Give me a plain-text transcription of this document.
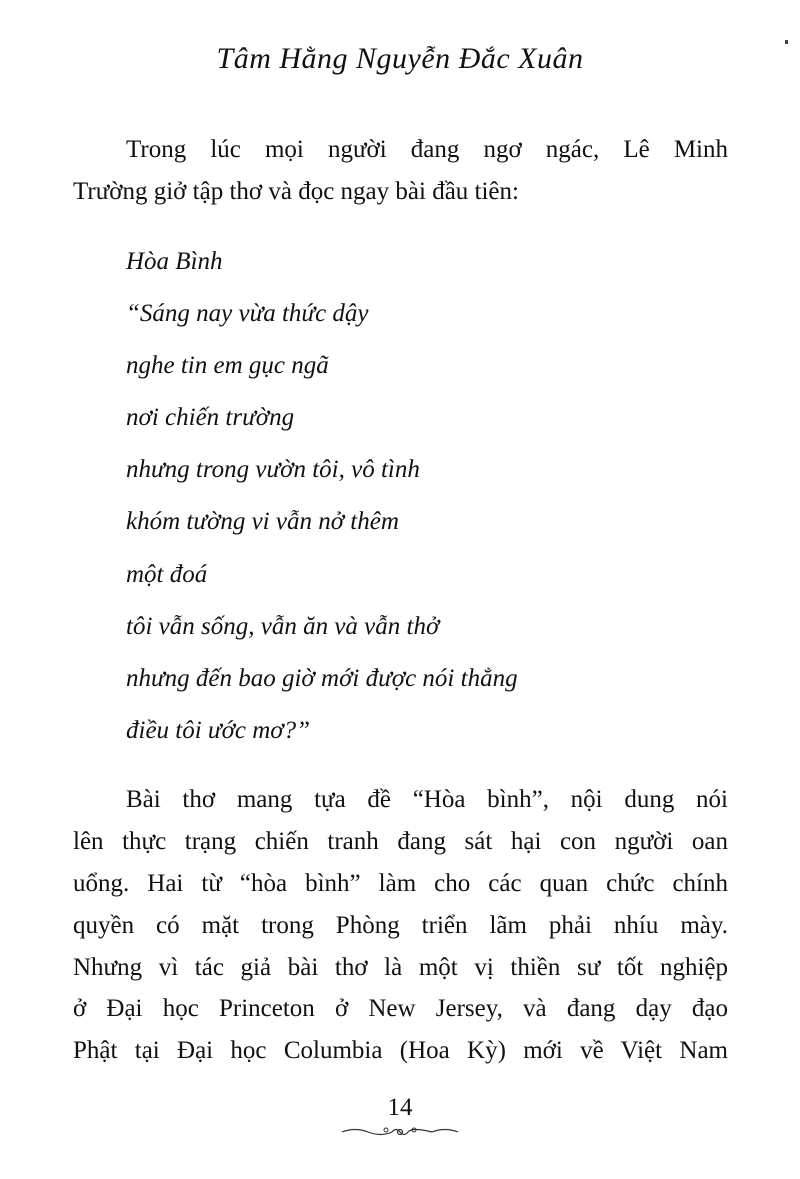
Tâm Hằng Nguyễn Đắc Xuân
Trong lúc mọi người đang ngơ ngác, Lê Minh
Trường giở tập thơ và đọc ngay bài đầu tiên:
Hòa Bình
“Sáng nay vừa thức dậy
nghe tin em gục ngã
nơi chiến trường
nhưng trong vườn tôi, vô tình
khóm tường vi vẫn nở thêm
một đoá
tôi vẫn sống, vẫn ăn và vẫn thở
nhưng đến bao giờ mới được nói thẳng
điều tôi ước mơ?”
Bài thơ mang tựa đề “Hòa bình”, nội dung nói
lên thực trạng chiến tranh đang sát hại con người oan
uổng. Hai từ “hòa bình” làm cho các quan chức chính
quyền có mặt trong Phòng triển lãm phải nhíu mày.
Nhưng vì tác giả bài thơ là một vị thiền sư tốt nghiệp
ở Đại học Princeton ở New Jersey, và đang dạy đạo
Phật tại Đại học Columbia (Hoa Kỳ) mới về Việt Nam
14
